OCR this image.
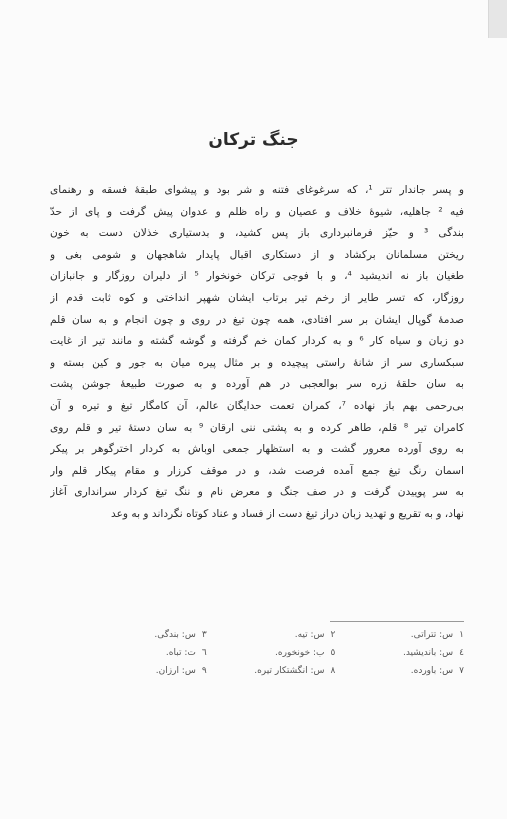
جنگ ترکان
و پسر جاندار تتر ¹، که سرغوغای فتنه و شر بود و پیشوای طبقهٔ فسقه و رهنمای
فیه ² جاهلیه، شیوهٔ خلاف و عصیان و راه ظلم و عدوان پیش گرفت و پای از حدّ
بندگی ³ و حیّز فرمانبرداری باز پس کشید، و بدستیاری خذلان دست به خون
ریختن مسلمانان برکشاد و از دستکاری اقبال پایدار شاهجهان و شومی بغی و
طغیان باز نه اندیشید ⁴، و با فوجی ترکان خونخوار ⁵ از دلیران روزگار و جانبازان
روزگار، که تسر طایر از رخم تیر برتاب ایشان شهپر انداختی و کوه ثابت قدم از
صدمهٔ گوپال ایشان بر سر افتادی، همه چون تیغ در روی و چون انجام و به سان قلم
دو زبان و سیاه کار ⁶ و به کردار کمان خم گرفته و گوشه گشته و مانند تیر از غایت
سبکساری سر از شانهٔ راستی پیچیده و بر مثال پیره میان به جور و کین بسته و
به سان حلقهٔ زره سر بوالعجبی در هم آورده و به صورت طبیعهٔ جوشن پشت
بی‌رحمی بهم باز نهاده ⁷، کمران تعمت حدایگان عالم، آن کامگار تیغ و تیره و آن
کامران تیر ⁸ قلم، طاهر کرده و به پشتی ننی ارقان ⁹ به سان دستهٔ تیر و قلم روی
به روی آورده معرور گشت و به استظهار جمعی اوباش به کردار اخترگوهر بر پیکر
اسمان رنگ تیغ جمع آمده فرصت شد، و در موقف کرزار و مقام پیکار قلم وار
به سر پوییدن گرفت و در صف جنگ و معرض نام و ننگ تیغ کردار سرانداری آغاز
نهاد، و به تقریع و تهدید زبان دراز تیغ دست از فساد و عناد کوتاه نگرداند و به وعد
١س: تتراتی.
٢س: تیه.
٣س: بندگی.
٤س: باندیشید.
٥ب: خونخوره.
٦ت: تباه.
٧س: باورده.
٨س: انگشتکار تیره.
٩س: ارزان.
